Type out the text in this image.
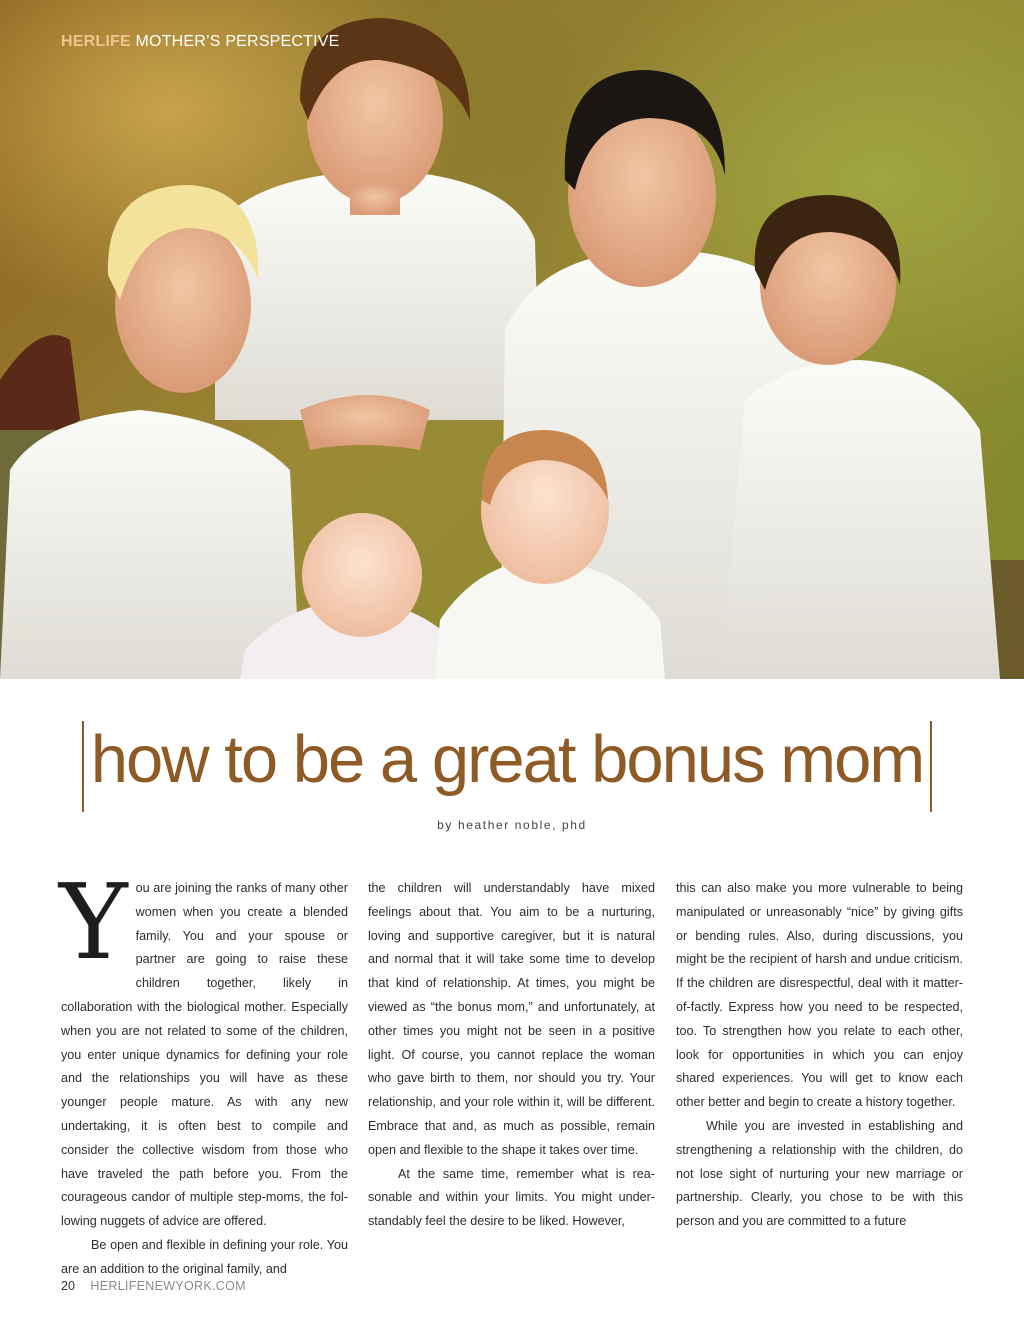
HERLIFE MOTHER’S PERSPECTIVE
how to be a great bonus mom
by heather noble, phd
Y ou are joining the ranks of many other women when you create a blended family. You and your spouse or partner are going to raise these children together, likely in collaboration with the biological mother. Especially when you are not related to some of the children, you enter unique dynamics for defining your role and the relationships you will have as these younger people mature. As with any new undertaking, it is often best to compile and consider the collective wisdom from those who have traveled the path before you. From the courageous candor of multiple step-moms, the following nuggets of advice are offered.

Be open and flexible in defining your role. You are an addition to the original family, and

the children will understandably have mixed feelings about that. You aim to be a nurturing, loving and supportive caregiver, but it is natural and normal that it will take some time to develop that kind of relationship. At times, you might be viewed as “the bonus mom,” and unfortunately, at other times you might not be seen in a positive light. Of course, you cannot replace the woman who gave birth to them, nor should you try. Your relationship, and your role within it, will be different. Embrace that and, as much as possible, remain open and flexible to the shape it takes over time.

At the same time, remember what is reasonable and within your limits. You might understandably feel the desire to be liked. However,

this can also make you more vulnerable to being manipulated or unreasonably “nice” by giving gifts or bending rules. Also, during discussions, you might be the recipient of harsh and undue criticism. If the children are disrespectful, deal with it matter-of-factly. Express how you need to be respected, too. To strengthen how you relate to each other, look for opportunities in which you can enjoy shared experiences. You will get to know each other better and begin to create a history together.

While you are invested in establishing and strengthening a relationship with the children, do not lose sight of nurturing your new marriage or partnership. Clearly, you chose to be with this person and you are committed to a future

20 HERLIFENEWYORK.COM
